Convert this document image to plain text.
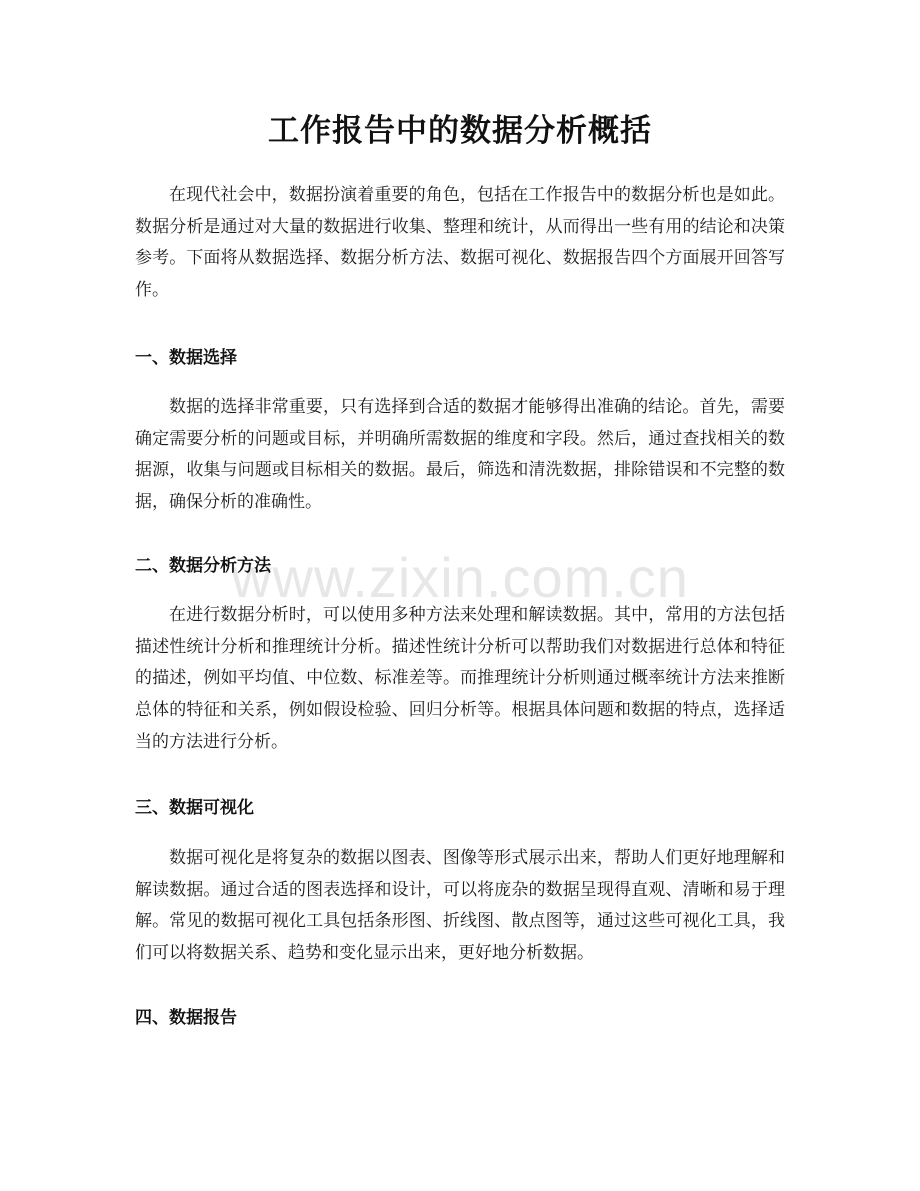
www.zixin.com.cn
工作报告中的数据分析概括

在现代社会中，数据扮演着重要的角色，包括在工作报告中的数据分析也是如此。数据分析是通过对大量的数据进行收集、整理和统计，从而得出一些有用的结论和决策参考。下面将从数据选择、数据分析方法、数据可视化、数据报告四个方面展开回答写作。

一、数据选择

数据的选择非常重要，只有选择到合适的数据才能够得出准确的结论。首先，需要确定需要分析的问题或目标，并明确所需数据的维度和字段。然后，通过查找相关的数据源，收集与问题或目标相关的数据。最后，筛选和清洗数据，排除错误和不完整的数据，确保分析的准确性。

二、数据分析方法

在进行数据分析时，可以使用多种方法来处理和解读数据。其中，常用的方法包括描述性统计分析和推理统计分析。描述性统计分析可以帮助我们对数据进行总体和特征的描述，例如平均值、中位数、标准差等。而推理统计分析则通过概率统计方法来推断总体的特征和关系，例如假设检验、回归分析等。根据具体问题和数据的特点，选择适当的方法进行分析。

三、数据可视化

数据可视化是将复杂的数据以图表、图像等形式展示出来，帮助人们更好地理解和解读数据。通过合适的图表选择和设计，可以将庞杂的数据呈现得直观、清晰和易于理解。常见的数据可视化工具包括条形图、折线图、散点图等，通过这些可视化工具，我们可以将数据关系、趋势和变化显示出来，更好地分析数据。

四、数据报告
